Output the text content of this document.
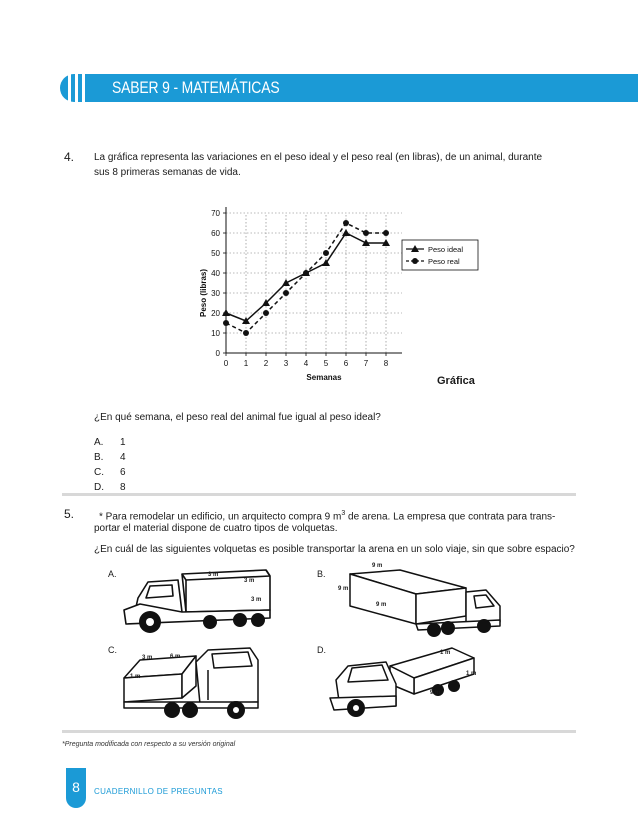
SABER 9 - MATEMÁTICAS
4. La gráfica representa las variaciones en el peso ideal y el peso real (en libras), de un animal, durante
sus 8 primeras semanas de vida.
0 1 2 3 4 5 6 7 8
0
10
20
30
40
50
60
70
Semanas
Peso (libras)
Peso ideal
Peso real
Gráfica
¿En qué semana, el peso real del animal fue igual al peso ideal?
A. 1
B. 4
C. 6
D. 8
5. * Para remodelar un edificio, un arquitecto compra 9 $m^3$ de arena. La empresa que contrata para trans-
portar el material dispone de cuatro tipos de volquetas.
¿En cuál de las siguientes volquetas es posible transportar la arena en un solo viaje, sin que sobre espacio?
A.	3 m
3 m
3 m
B.
9 m
9 m
9 m
C.
3 m	6 m
1 m
D.	1 m
9 m
1 m
*Pregunta modificada con respecto a su versión original
8	CUADERNILLO DE PREGUNTAS
